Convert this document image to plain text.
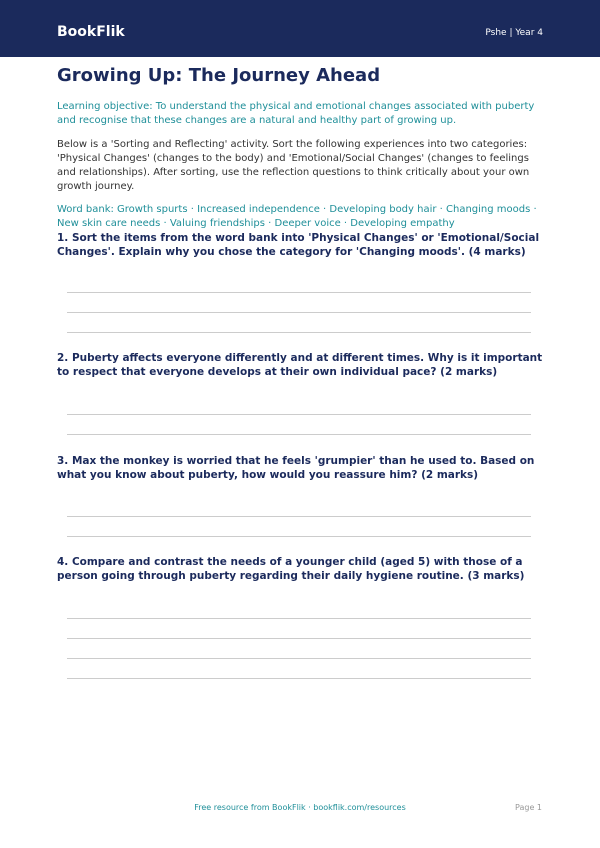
BookFlik	Pshe | Year 4
Growing Up: The Journey Ahead

Learning objective: To understand the physical and emotional changes associated with puberty and recognise that these changes are a natural and healthy part of growing up.

Below is a 'Sorting and Reflecting' activity. Sort the following experiences into two categories: 'Physical Changes' (changes to the body) and 'Emotional/Social Changes' (changes to feelings and relationships). After sorting, use the reflection questions to think critically about your own growth journey.

Word bank: Growth spurts · Increased independence · Developing body hair · Changing moods · New skin care needs · Valuing friendships · Deeper voice · Developing empathy

1. Sort the items from the word bank into 'Physical Changes' or 'Emotional/Social Changes'. Explain why you chose the category for 'Changing moods'. (4 marks)
2. Puberty affects everyone differently and at different times. Why is it important to respect that everyone develops at their own individual pace? (2 marks)
3. Max the monkey is worried that he feels 'grumpier' than he used to. Based on what you know about puberty, how would you reassure him? (2 marks)
4. Compare and contrast the needs of a younger child (aged 5) with those of a person going through puberty regarding their daily hygiene routine. (3 marks)
Free resource from BookFlik · bookflik.com/resources	Page 1
